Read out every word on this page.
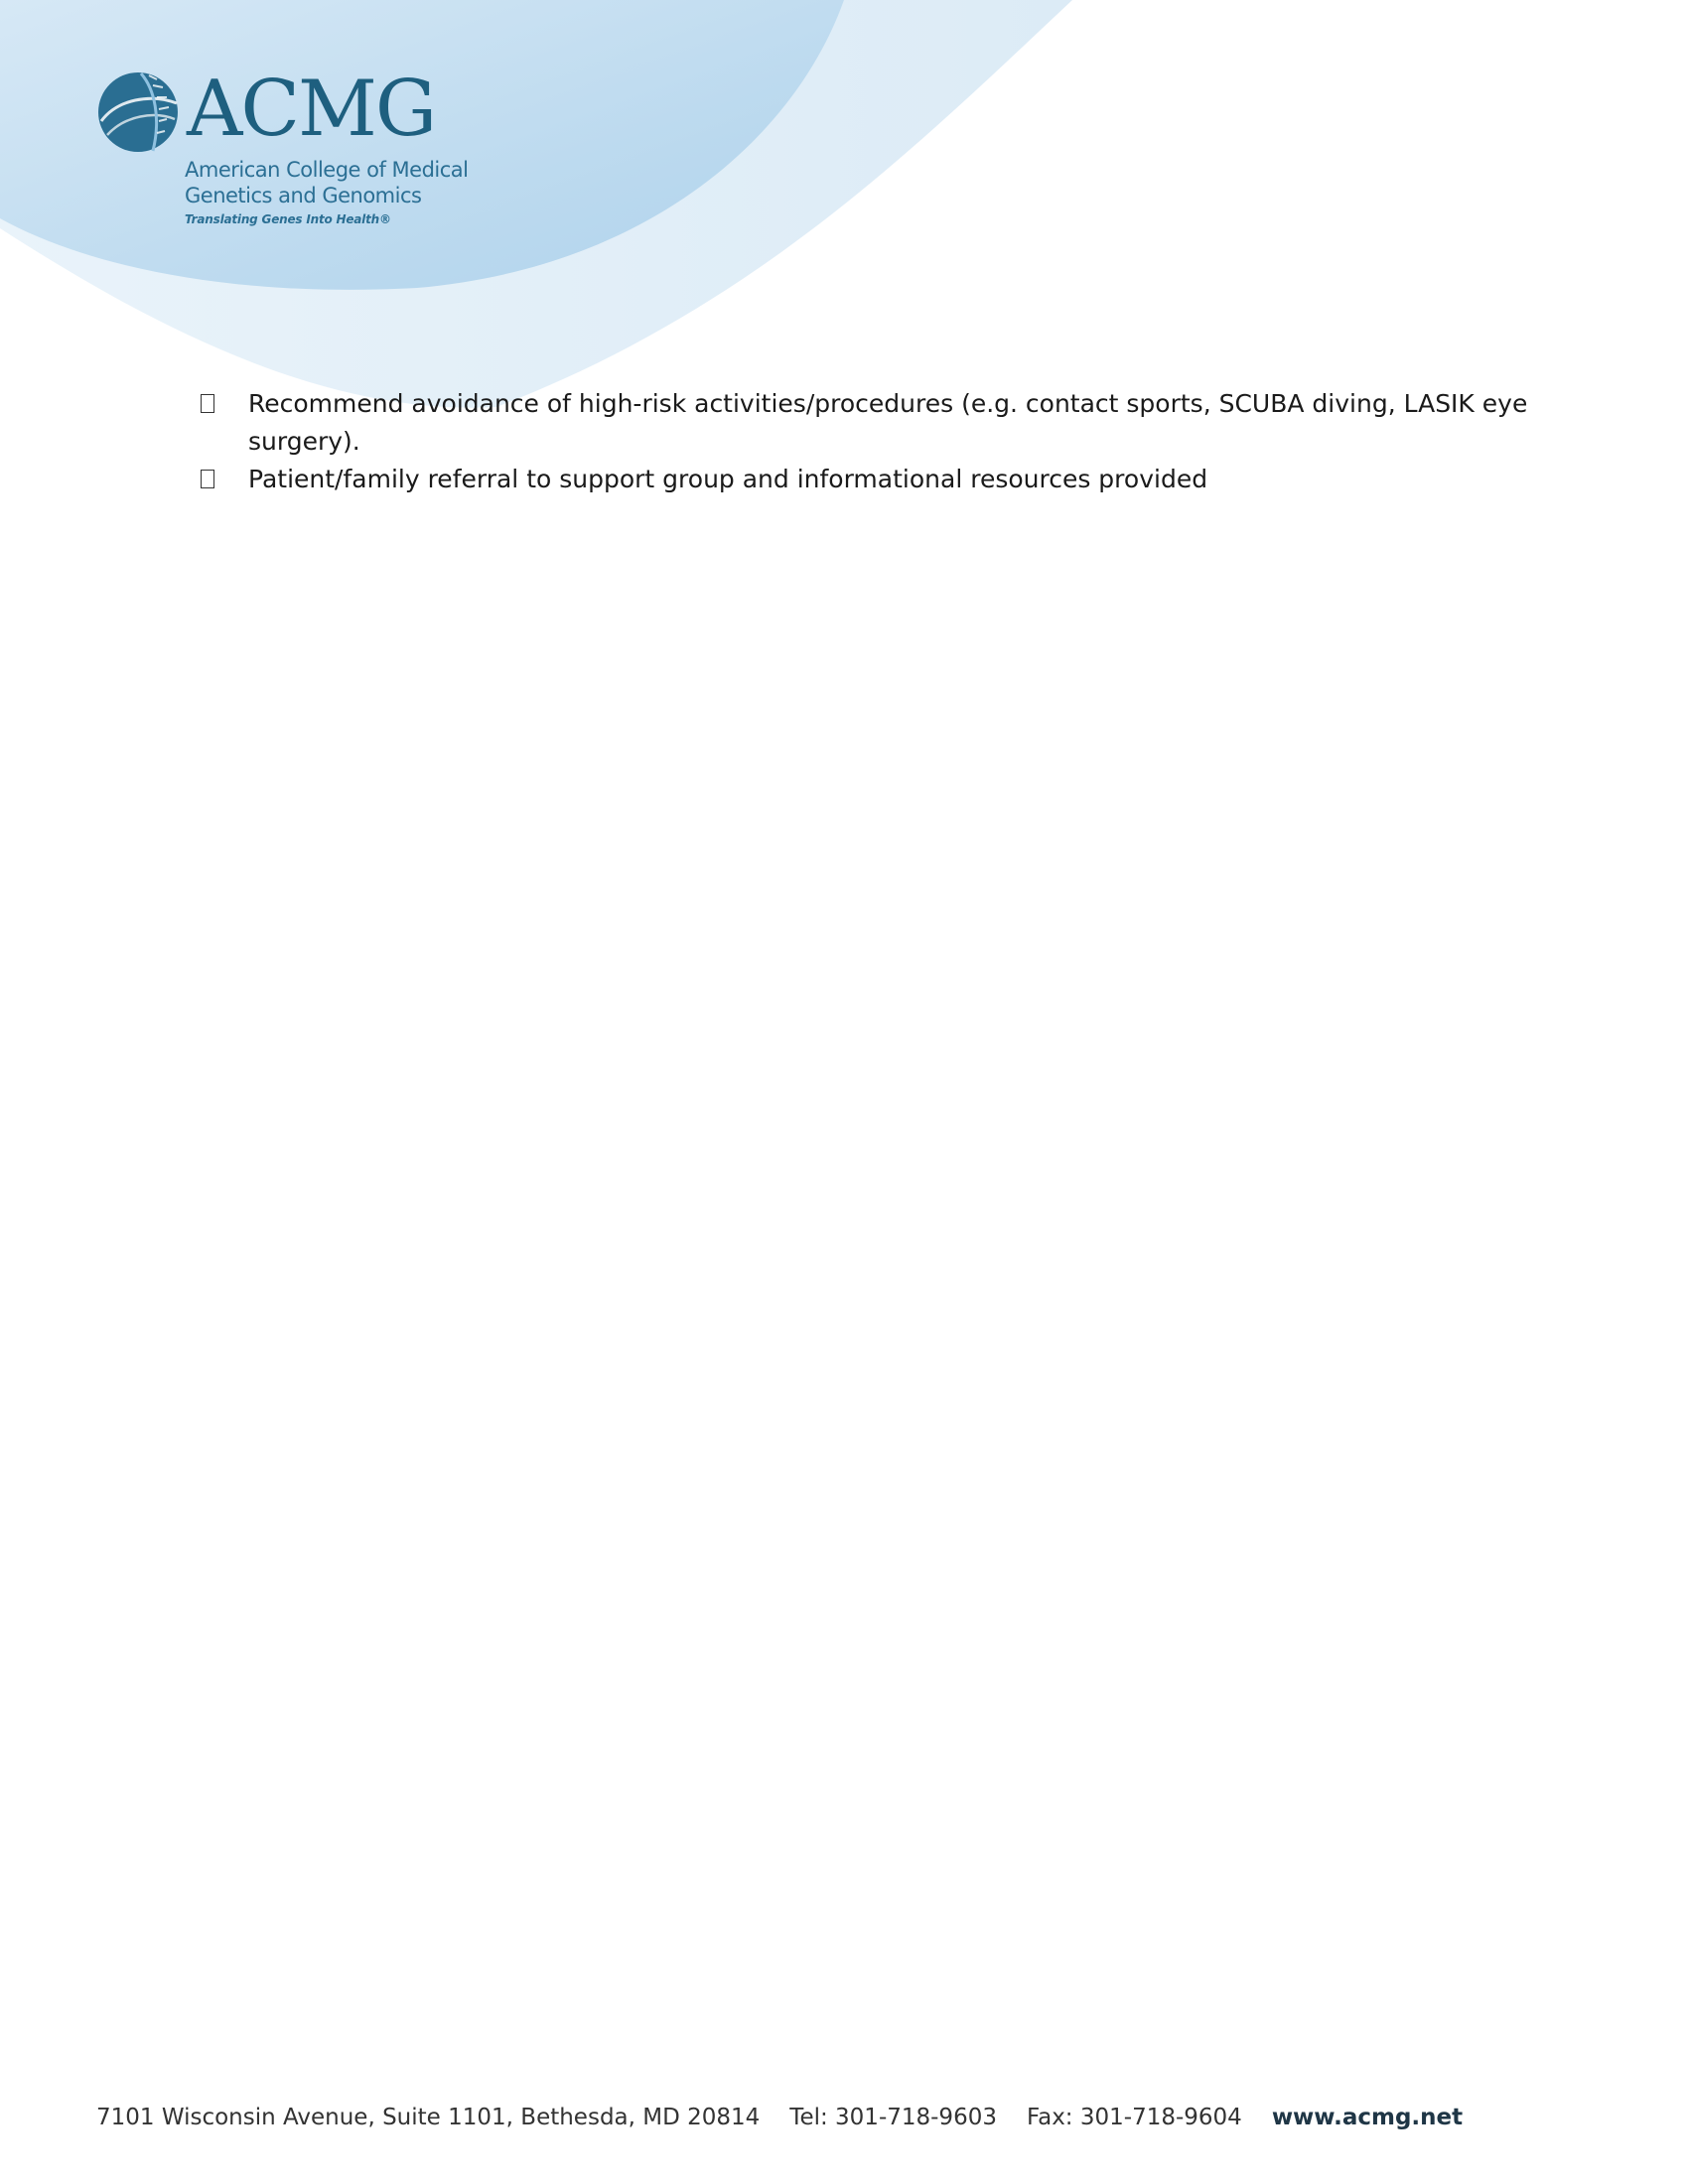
ACMG
American College of Medical
Genetics and Genomics
Translating Genes Into Health®
Recommend avoidance of high-risk activities/procedures (e.g. contact sports, SCUBA diving, LASIK eye surgery).
Patient/family referral to support group and informational resources provided
7101 Wisconsin Avenue, Suite 1101, Bethesda, MD 20814 Tel: 301-718-9603 Fax: 301-718-9604 www.acmg.net
